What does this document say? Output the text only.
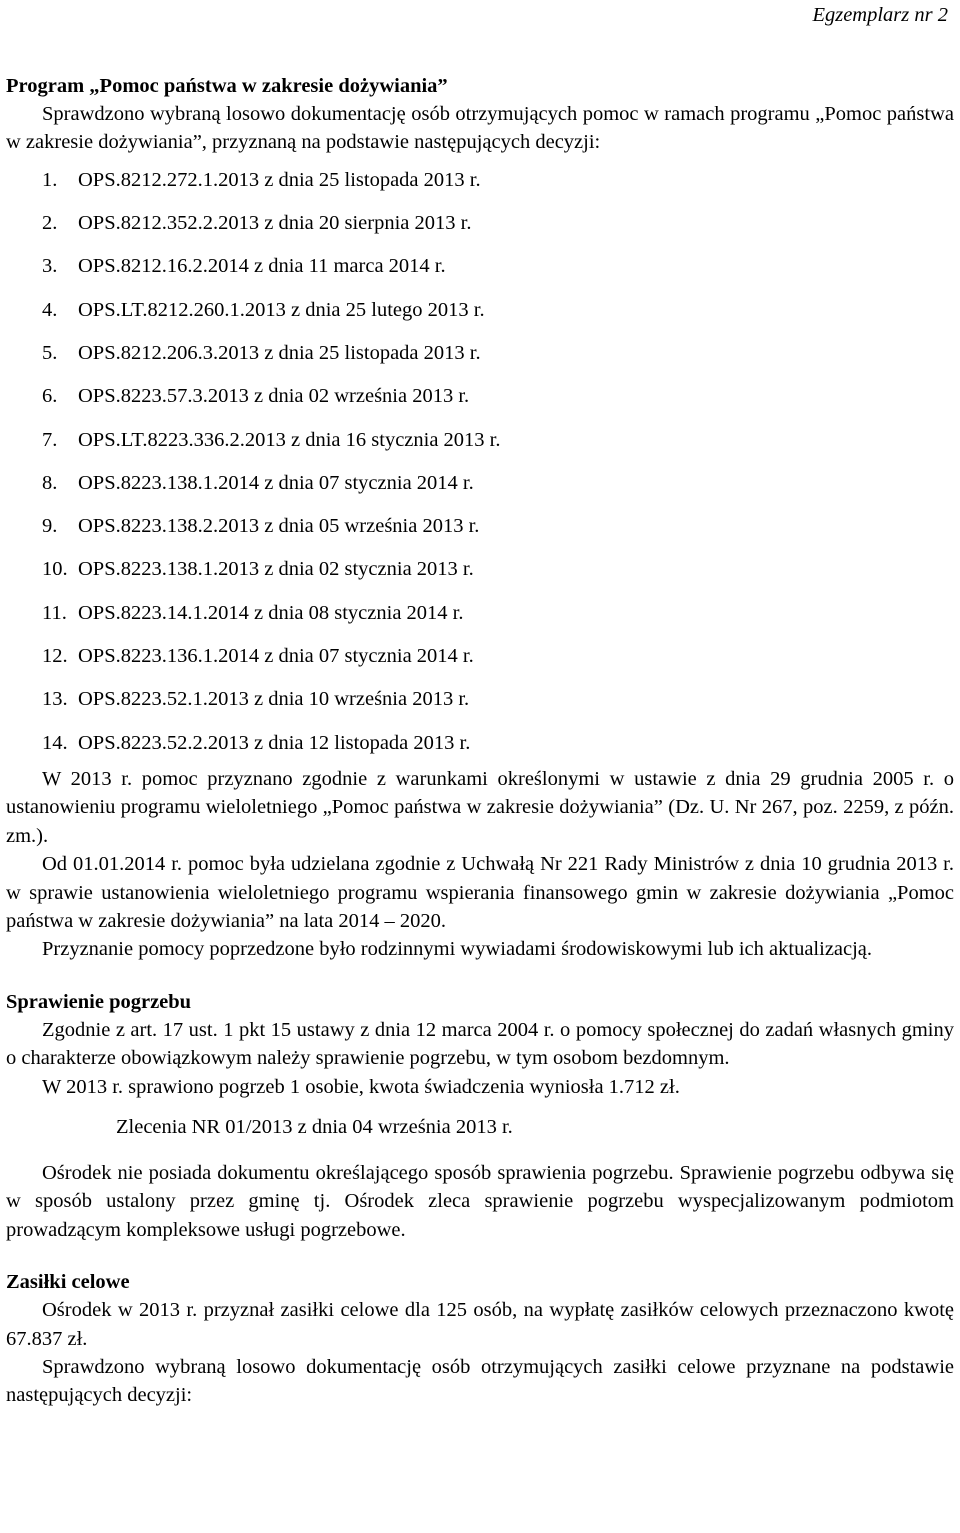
Egzemplarz nr 2

Program „Pomoc państwa w zakresie dożywiania”

Sprawdzono wybraną losowo dokumentację osób otrzymujących pomoc w ramach programu „Pomoc państwa w zakresie dożywiania”, przyznaną na podstawie następujących decyzji:

1. OPS.8212.272.1.2013 z dnia 25 listopada 2013 r.
2. OPS.8212.352.2.2013 z dnia 20 sierpnia 2013 r.
3. OPS.8212.16.2.2014 z dnia 11 marca 2014 r.
4. OPS.LT.8212.260.1.2013 z dnia 25 lutego 2013 r.
5. OPS.8212.206.3.2013 z dnia 25 listopada 2013 r.
6. OPS.8223.57.3.2013 z dnia 02 września 2013 r.
7. OPS.LT.8223.336.2.2013 z dnia 16 stycznia 2013 r.
8. OPS.8223.138.1.2014 z dnia 07 stycznia 2014 r.
9. OPS.8223.138.2.2013 z dnia 05 września 2013 r.
10. OPS.8223.138.1.2013 z dnia 02 stycznia 2013 r.
11. OPS.8223.14.1.2014 z dnia 08 stycznia 2014 r.
12. OPS.8223.136.1.2014 z dnia 07 stycznia 2014 r.
13. OPS.8223.52.1.2013 z dnia 10 września 2013 r.
14. OPS.8223.52.2.2013 z dnia 12 listopada 2013 r.

W 2013 r. pomoc przyznano zgodnie z warunkami określonymi w ustawie z dnia 29 grudnia 2005 r. o ustanowieniu programu wieloletniego „Pomoc państwa w zakresie dożywiania” (Dz. U. Nr 267, poz. 2259, z późn. zm.).

Od 01.01.2014 r. pomoc była udzielana zgodnie z Uchwałą Nr 221 Rady Ministrów z dnia 10 grudnia 2013 r. w sprawie ustanowienia wieloletniego programu wspierania finansowego gmin w zakresie dożywiania „Pomoc państwa w zakresie dożywiania” na lata 2014 – 2020.

Przyznanie pomocy poprzedzone było rodzinnymi wywiadami środowiskowymi lub ich aktualizacją.

Sprawienie pogrzebu

Zgodnie z art. 17 ust. 1 pkt 15 ustawy z dnia 12 marca 2004 r. o pomocy społecznej do zadań własnych gminy o charakterze obowiązkowym należy sprawienie pogrzebu, w tym osobom bezdomnym.

W 2013 r. sprawiono pogrzeb 1 osobie, kwota świadczenia wyniosła 1.712 zł.

Zlecenia NR 01/2013 z dnia 04 września 2013 r.

Ośrodek nie posiada dokumentu określającego sposób sprawienia pogrzebu. Sprawienie pogrzebu odbywa się w sposób ustalony przez gminę tj. Ośrodek zleca sprawienie pogrzebu wyspecjalizowanym podmiotom prowadzącym kompleksowe usługi pogrzebowe.

Zasiłki celowe

Ośrodek w 2013 r. przyznał zasiłki celowe dla 125 osób, na wypłatę zasiłków celowych przeznaczono kwotę 67.837 zł.

Sprawdzono wybraną losowo dokumentację osób otrzymujących zasiłki celowe przyznane na podstawie następujących decyzji:
